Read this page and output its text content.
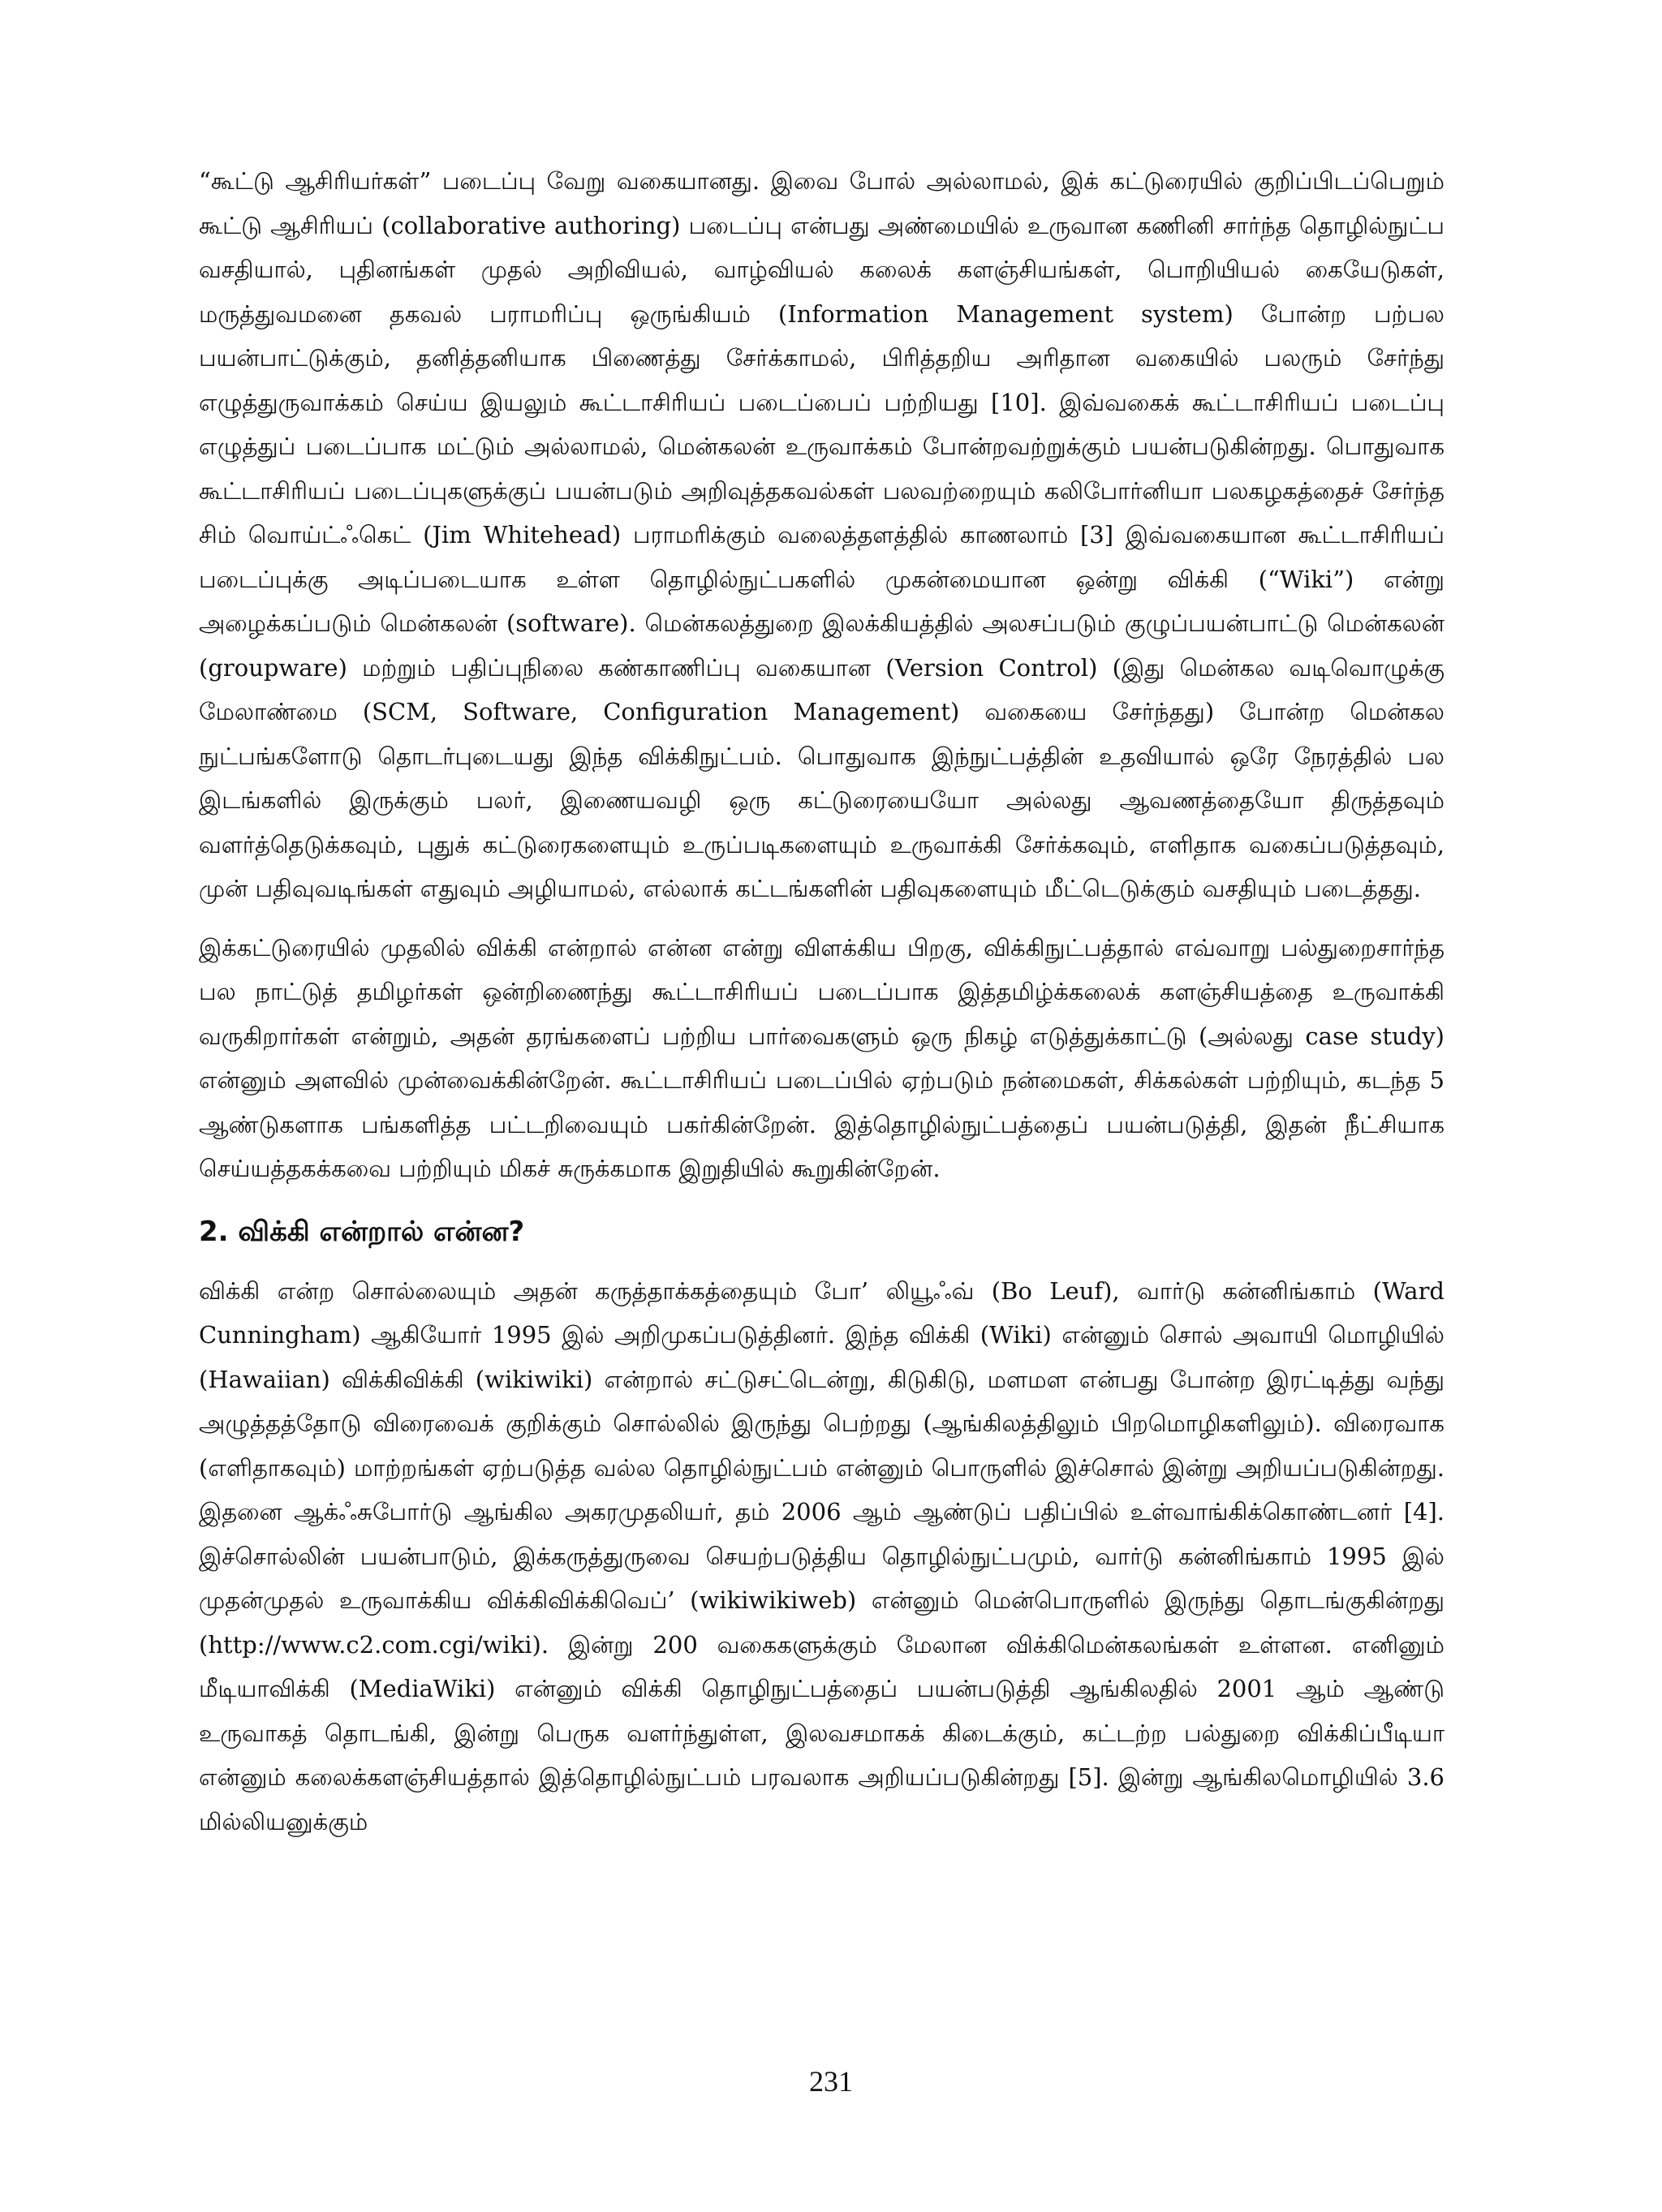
“கூட்டு ஆசிரியர்கள்” படைப்பு வேறு வகையானது. இவை போல் அல்லாமல், இக் கட்டுரையில் குறிப்பிடப்பெறும் கூட்டு ஆசிரியப் (collaborative authoring) படைப்பு என்பது அண்மையில் உருவான கணினி சார்ந்த தொழில்நுட்ப வசதியால், புதினங்கள் முதல் அறிவியல், வாழ்வியல் கலைக் களஞ்சியங்கள், பொறியியல் கையேடுகள், மருத்துவமனை தகவல் பராமரிப்பு ஒருங்கியம் (Information Management system) போன்ற பற்பல பயன்பாட்டுக்கும், தனித்தனியாக பிணைத்து சேர்க்காமல், பிரித்தறிய அரிதான வகையில் பலரும் சேர்ந்து எழுத்துருவாக்கம் செய்ய இயலும் கூட்டாசிரியப் படைப்பைப் பற்றியது [10]. இவ்வகைக் கூட்டாசிரியப் படைப்பு எழுத்துப் படைப்பாக மட்டும் அல்லாமல், மென்கலன் உருவாக்கம் போன்றவற்றுக்கும் பயன்படுகின்றது. பொதுவாக கூட்டாசிரியப் படைப்புகளுக்குப் பயன்படும் அறிவுத்தகவல்கள் பலவற்றையும் கலிபோர்னியா பலகழகத்தைச் சேர்ந்த சிம் வொய்ட்ஃகெட் (Jim Whitehead) பராமரிக்கும் வலைத்தளத்தில் காணலாம் [3] இவ்வகையான கூட்டாசிரியப் படைப்புக்கு அடிப்படையாக உள்ள தொழில்நுட்பகளில் முகன்மையான ஒன்று விக்கி (“Wiki”) என்று அழைக்கப்படும் மென்கலன் (software). மென்கலத்துறை இலக்கியத்தில் அலசப்படும் குழுப்பயன்பாட்டு மென்கலன் (groupware) மற்றும் பதிப்புநிலை கண்காணிப்பு வகையான (Version Control) (இது மென்கல வடிவொழுக்கு மேலாண்மை (SCM, Software, Configuration Management) வகையை சேர்ந்தது) போன்ற மென்கல நுட்பங்களோடு தொடர்புடையது இந்த விக்கிநுட்பம். பொதுவாக இந்நுட்பத்தின் உதவியால் ஒரே நேரத்தில் பல இடங்களில் இருக்கும் பலர், இணையவழி ஒரு கட்டுரையையோ அல்லது ஆவணத்தையோ திருத்தவும் வளர்த்தெடுக்கவும், புதுக் கட்டுரைகளையும் உருப்படிகளையும் உருவாக்கி சேர்க்கவும், எளிதாக வகைப்படுத்தவும், முன் பதிவுவடிங்கள் எதுவும் அழியாமல், எல்லாக் கட்டங்களின் பதிவுகளையும் மீட்டெடுக்கும் வசதியும் படைத்தது.

இக்கட்டுரையில் முதலில் விக்கி என்றால் என்ன என்று விளக்கிய பிறகு, விக்கிநுட்பத்தால் எவ்வாறு பல்துறைசார்ந்த பல நாட்டுத் தமிழர்கள் ஒன்றிணைந்து கூட்டாசிரியப் படைப்பாக இத்தமிழ்க்கலைக் களஞ்சியத்தை உருவாக்கி வருகிறார்கள் என்றும், அதன் தரங்களைப் பற்றிய பார்வைகளும் ஒரு நிகழ் எடுத்துக்காட்டு (அல்லது case study) என்னும் அளவில் முன்வைக்கின்றேன். கூட்டாசிரியப் படைப்பில் ஏற்படும் நன்மைகள், சிக்கல்கள் பற்றியும், கடந்த 5 ஆண்டுகளாக பங்களித்த பட்டறிவையும் பகர்கின்றேன். இத்தொழில்நுட்பத்தைப் பயன்படுத்தி, இதன் நீட்சியாக செய்யத்தகக்கவை பற்றியும் மிகச் சுருக்கமாக இறுதியில் கூறுகின்றேன்.

2. விக்கி என்றால் என்ன?

விக்கி என்ற சொல்லையும் அதன் கருத்தாக்கத்தையும் போ’ லியூஃவ் (Bo Leuf), வார்டு கன்னிங்காம் (Ward Cunningham) ஆகியோர் 1995 இல் அறிமுகப்படுத்தினர். இந்த விக்கி (Wiki) என்னும் சொல் அவாயி மொழியில் (Hawaiian) விக்கிவிக்கி (wikiwiki) என்றால் சட்டுசட்டென்று, கிடுகிடு, மளமள என்பது போன்ற இரட்டித்து வந்து அழுத்தத்தோடு விரைவைக் குறிக்கும் சொல்லில் இருந்து பெற்றது (ஆங்கிலத்திலும் பிறமொழிகளிலும்). விரைவாக (எளிதாகவும்) மாற்றங்கள் ஏற்படுத்த வல்ல தொழில்நுட்பம் என்னும் பொருளில் இச்சொல் இன்று அறியப்படுகின்றது. இதனை ஆக்ஃசுபோர்டு ஆங்கில அகரமுதலியர், தம் 2006 ஆம் ஆண்டுப் பதிப்பில் உள்வாங்கிக்கொண்டனர் [4]. இச்சொல்லின் பயன்பாடும், இக்கருத்துருவை செயற்படுத்திய தொழில்நுட்பமும், வார்டு கன்னிங்காம் 1995 இல் முதன்முதல் உருவாக்கிய விக்கிவிக்கிவெப்’ (wikiwikiweb) என்னும் மென்பொருளில் இருந்து தொடங்குகின்றது (http://www.c2.com.cgi/wiki). இன்று 200 வகைகளுக்கும் மேலான விக்கிமென்கலங்கள் உள்ளன. எனினும் மீடியாவிக்கி (MediaWiki) என்னும் விக்கி தொழிநுட்பத்தைப் பயன்படுத்தி ஆங்கிலதில் 2001 ஆம் ஆண்டு உருவாகத் தொடங்கி, இன்று பெருக வளர்ந்துள்ள, இலவசமாகக் கிடைக்கும், கட்டற்ற பல்துறை விக்கிப்பீடியா என்னும் கலைக்களஞ்சியத்தால் இத்தொழில்நுட்பம் பரவலாக அறியப்படுகின்றது [5]. இன்று ஆங்கிலமொழியில் 3.6 மில்லியனுக்கும்

231
